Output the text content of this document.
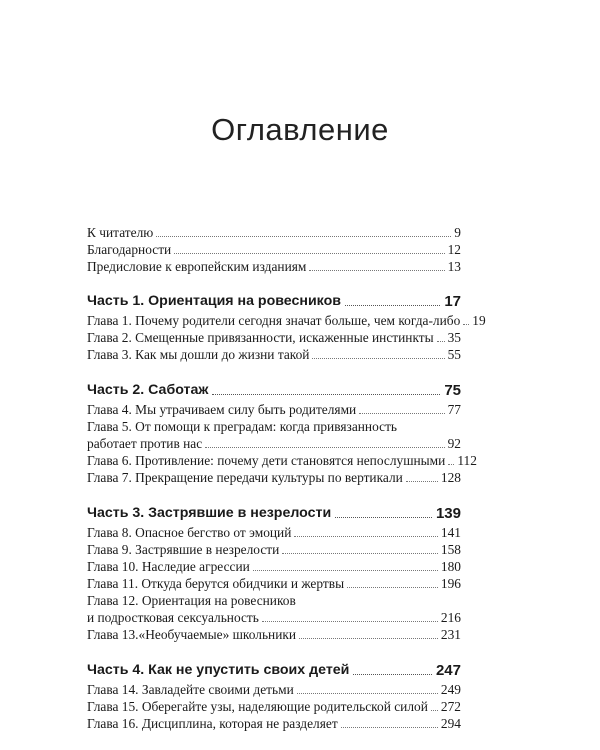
Оглавление
К читателю	9
Благодарности	12
Предисловие к европейским изданиям	13
Часть 1. Ориентация на ровесников	17
Глава 1. Почему родители сегодня значат больше, чем когда-либо 19
Глава 2. Смещенные привязанности, искаженные инстинкты 35
Глава 3. Как мы дошли до жизни такой	55
Часть 2. Саботаж	75
Глава 4. Мы утрачиваем силу быть родителями	77
Глава 5. От помощи к преградам: когда привязанность
работает против нас	92
Глава 6. Противление: почему дети становятся непослушными 112
Глава 7. Прекращение передачи культуры по вертикали	128
Часть 3. Застрявшие в незрелости	139
Глава 8. Опасное бегство от эмоций	141
Глава 9. Застрявшие в незрелости	158
Глава 10. Наследие агрессии	180
Глава 11. Откуда берутся обидчики и жертвы	196
Глава 12. Ориентация на ровесников
и подростковая сексуальность	216
Глава 13.«Необучаемые» школьники	231
Часть 4. Как не упустить своих детей	247
Глава 14. Завладейте своими детьми	249
Глава 15. Оберегайте узы, наделяющие родительской силой 272
Глава 16. Дисциплина, которая не разделяет	294
